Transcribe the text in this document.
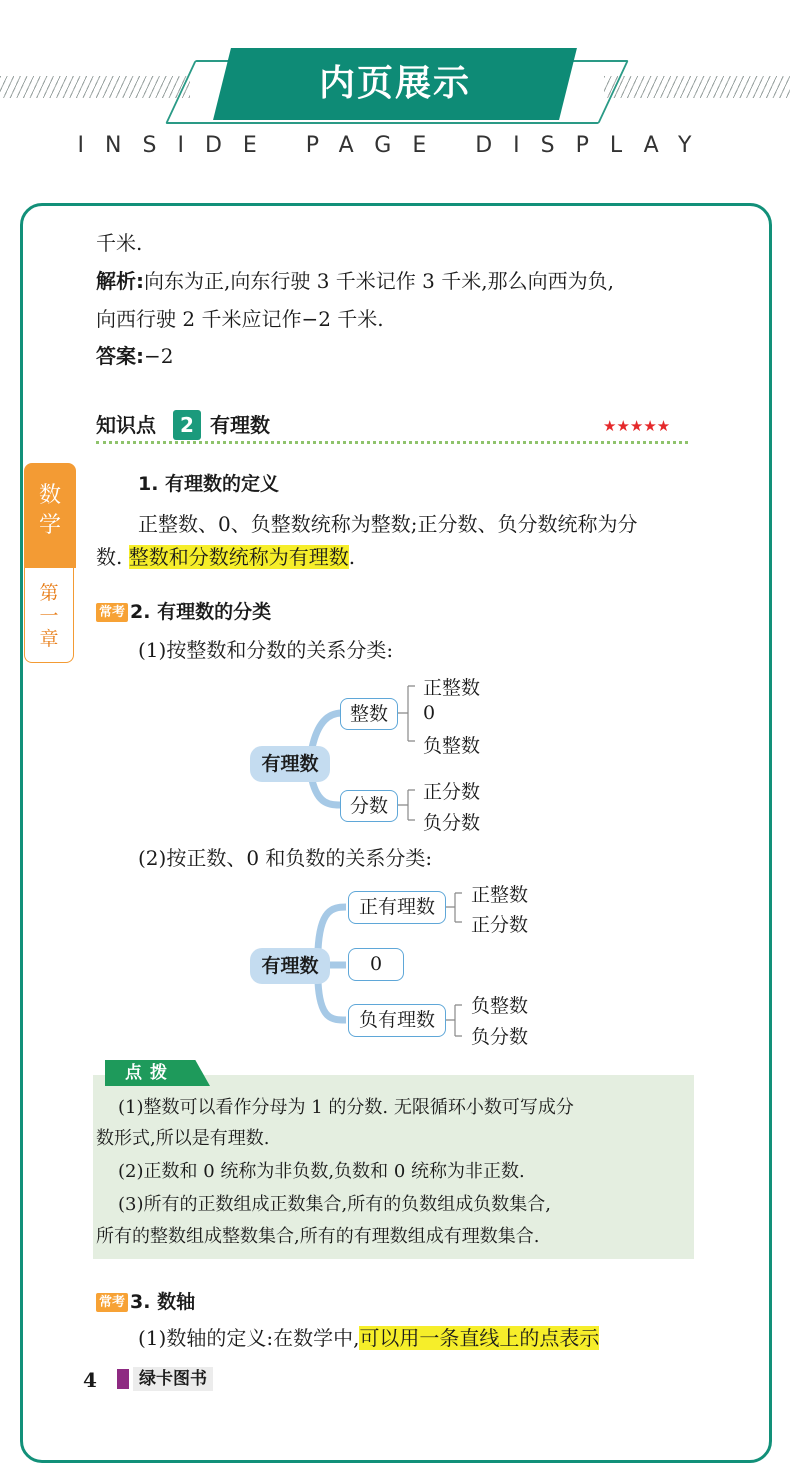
内页展示
INSIDE PAGE DISPLAY
数
学
第
一
章
千米.
解析:向东为正,向东行驶 3 千米记作 3 千米,那么向西为负,
向西行驶 2 千米应记作−2 千米.
答案:−2
知识点	2 有理数	★★★★★
1. 有理数的定义
正整数、0、负整数统称为整数;正分数、负分数统称为分
数. 整数和分数统称为有理数.
常考 2. 有理数的分类
(1)按整数和分数的关系分类:
有理数
整数
分数
正整数
0
负整数
正分数
负分数
(2)按正数、0 和负数的关系分类:
有理数
正有理数
0
负有理数
正整数
正分数
负整数
负分数
点拨
(1)整数可以看作分母为 1 的分数. 无限循环小数可写成分
数形式,所以是有理数.
(2)正数和 0 统称为非负数,负数和 0 统称为非正数.
(3)所有的正数组成正数集合,所有的负数组成负数集合,
所有的整数组成整数集合,所有的有理数组成有理数集合.
常考 3. 数轴
(1)数轴的定义:在数学中,可以用一条直线上的点表示
4	绿卡图书
